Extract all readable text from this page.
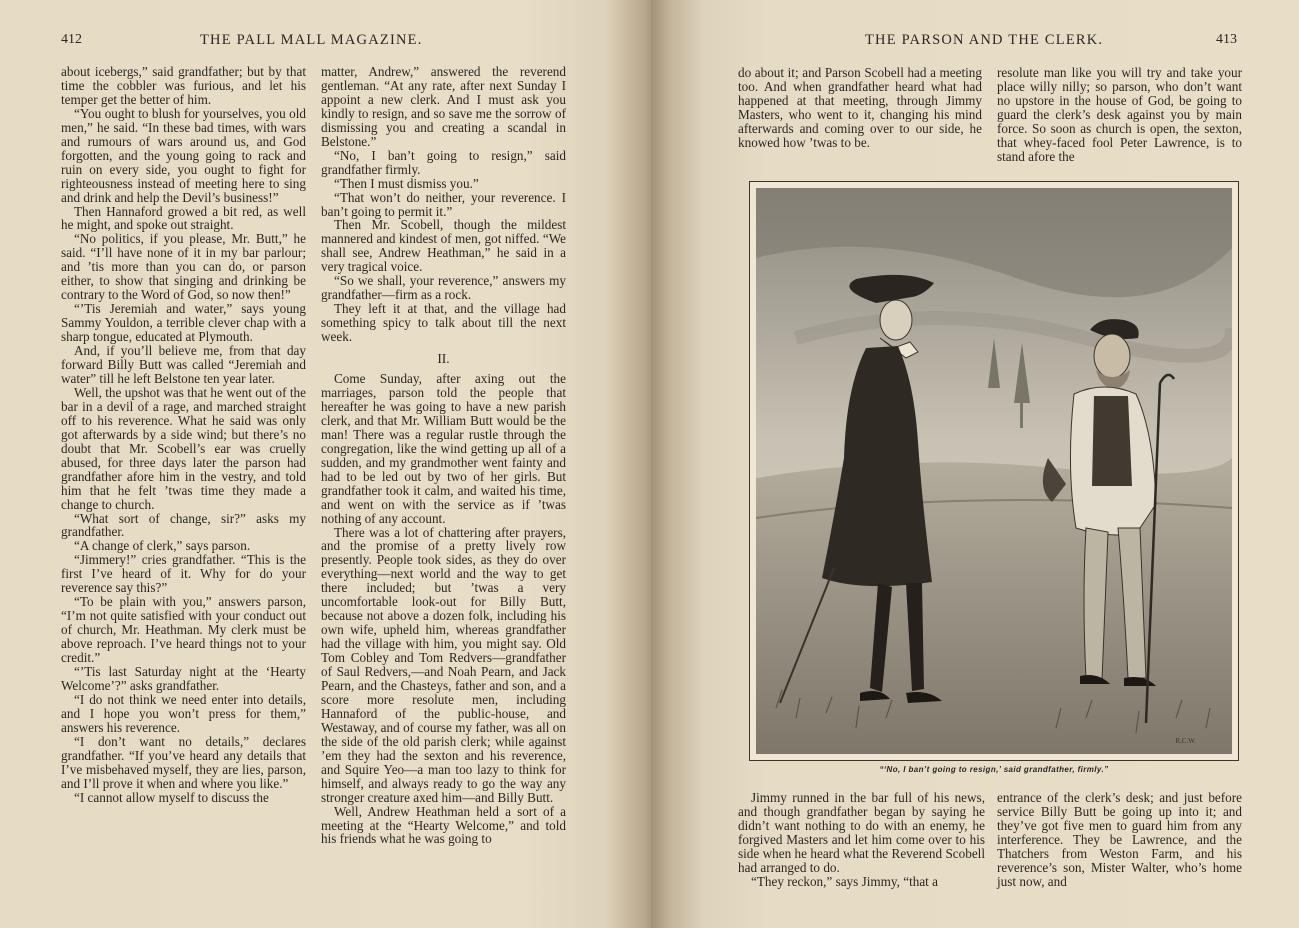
412	THE PALL MALL MAGAZINE.

about icebergs,” said grandfather; but by that time the cobbler was furious, and let his temper get the better of him.

“You ought to blush for yourselves, you old men,” he said. “In these bad times, with wars and rumours of wars around us, and God forgotten, and the young going to rack and ruin on every side, you ought to fight for righteousness instead of meeting here to sing and drink and help the Devil’s business!”

Then Hannaford growed a bit red, as well he might, and spoke out straight.

“No politics, if you please, Mr. Butt,” he said. “I’ll have none of it in my bar parlour; and ’tis more than you can do, or parson either, to show that singing and drinking be contrary to the Word of God, so now then!”

“’Tis Jeremiah and water,” says young Sammy Youldon, a terrible clever chap with a sharp tongue, educated at Plymouth.

And, if you’ll believe me, from that day forward Billy Butt was called “Jeremiah and water” till he left Belstone ten year later.

Well, the upshot was that he went out of the bar in a devil of a rage, and marched straight off to his reverence. What he said was only got afterwards by a side wind; but there’s no doubt that Mr. Scobell’s ear was cruelly abused, for three days later the parson had grandfather afore him in the vestry, and told him that he felt ’twas time they made a change to church.

“What sort of change, sir?” asks my grandfather.

“A change of clerk,” says parson.

“Jimmery!” cries grandfather. “This is the first I’ve heard of it. Why for do your reverence say this?”

“To be plain with you,” answers parson, “I’m not quite satisfied with your conduct out of church, Mr. Heathman. My clerk must be above reproach. I’ve heard things not to your credit.”

“’Tis last Saturday night at the ‘Hearty Welcome’?” asks grandfather.

“I do not think we need enter into details, and I hope you won’t press for them,” answers his reverence.

“I don’t want no details,” declares grandfather. “If you’ve heard any details that I’ve misbehaved myself, they are lies, parson, and I’ll prove it when and where you like.”

“I cannot allow myself to discuss the

matter, Andrew,” answered the reverend gentleman. “At any rate, after next Sunday I appoint a new clerk. And I must ask you kindly to resign, and so save me the sorrow of dismissing you and creating a scandal in Belstone.”

“No, I ban’t going to resign,” said grandfather firmly.

“Then I must dismiss you.”

“That won’t do neither, your reverence. I ban’t going to permit it.”

Then Mr. Scobell, though the mildest mannered and kindest of men, got niffed. “We shall see, Andrew Heathman,” he said in a very tragical voice.

“So we shall, your reverence,” answers my grandfather—firm as a rock.

They left it at that, and the village had something spicy to talk about till the next week.

II.

Come Sunday, after axing out the marriages, parson told the people that hereafter he was going to have a new parish clerk, and that Mr. William Butt would be the man! There was a regular rustle through the congregation, like the wind getting up all of a sudden, and my grandmother went fainty and had to be led out by two of her girls. But grandfather took it calm, and waited his time, and went on with the service as if ’twas nothing of any account.

There was a lot of chattering after prayers, and the promise of a pretty lively row presently. People took sides, as they do over everything—next world and the way to get there included; but ’twas a very uncomfortable look-out for Billy Butt, because not above a dozen folk, including his own wife, upheld him, whereas grandfather had the village with him, you might say. Old Tom Cobley and Tom Redvers—grandfather of Saul Redvers,—and Noah Pearn, and Jack Pearn, and the Chasteys, father and son, and a score more resolute men, including Hannaford of the public-house, and Westaway, and of course my father, was all on the side of the old parish clerk; while against ’em they had the sexton and his reverence, and Squire Yeo—a man too lazy to think for himself, and always ready to go the way any stronger creature axed him—and Billy Butt.

Well, Andrew Heathman held a sort of a meeting at the “Hearty Welcome,” and told his friends what he was going to

THE PARSON AND THE CLERK.	413

do about it; and Parson Scobell had a meeting too. And when grandfather heard what had happened at that meeting, through Jimmy Masters, who went to it, changing his mind afterwards and coming over to our side, he knowed how ’twas to be.

resolute man like you will try and take your place willy nilly; so parson, who don’t want no upstore in the house of God, be going to guard the clerk’s desk against you by main force. So soon as church is open, the sexton, that whey-faced fool Peter Lawrence, is to stand afore the

R.C.W.
“‘No, I ban’t going to resign,’ said grandfather, firmly.”

Jimmy runned in the bar full of his news, and though grandfather began by saying he didn’t want nothing to do with an enemy, he forgived Masters and let him come over to his side when he heard what the Reverend Scobell had arranged to do.

“They reckon,” says Jimmy, “that a

entrance of the clerk’s desk; and just before service Billy Butt be going up into it; and they’ve got five men to guard him from any interference. They be Lawrence, and the Thatchers from Weston Farm, and his reverence’s son, Mister Walter, who’s home just now, and
